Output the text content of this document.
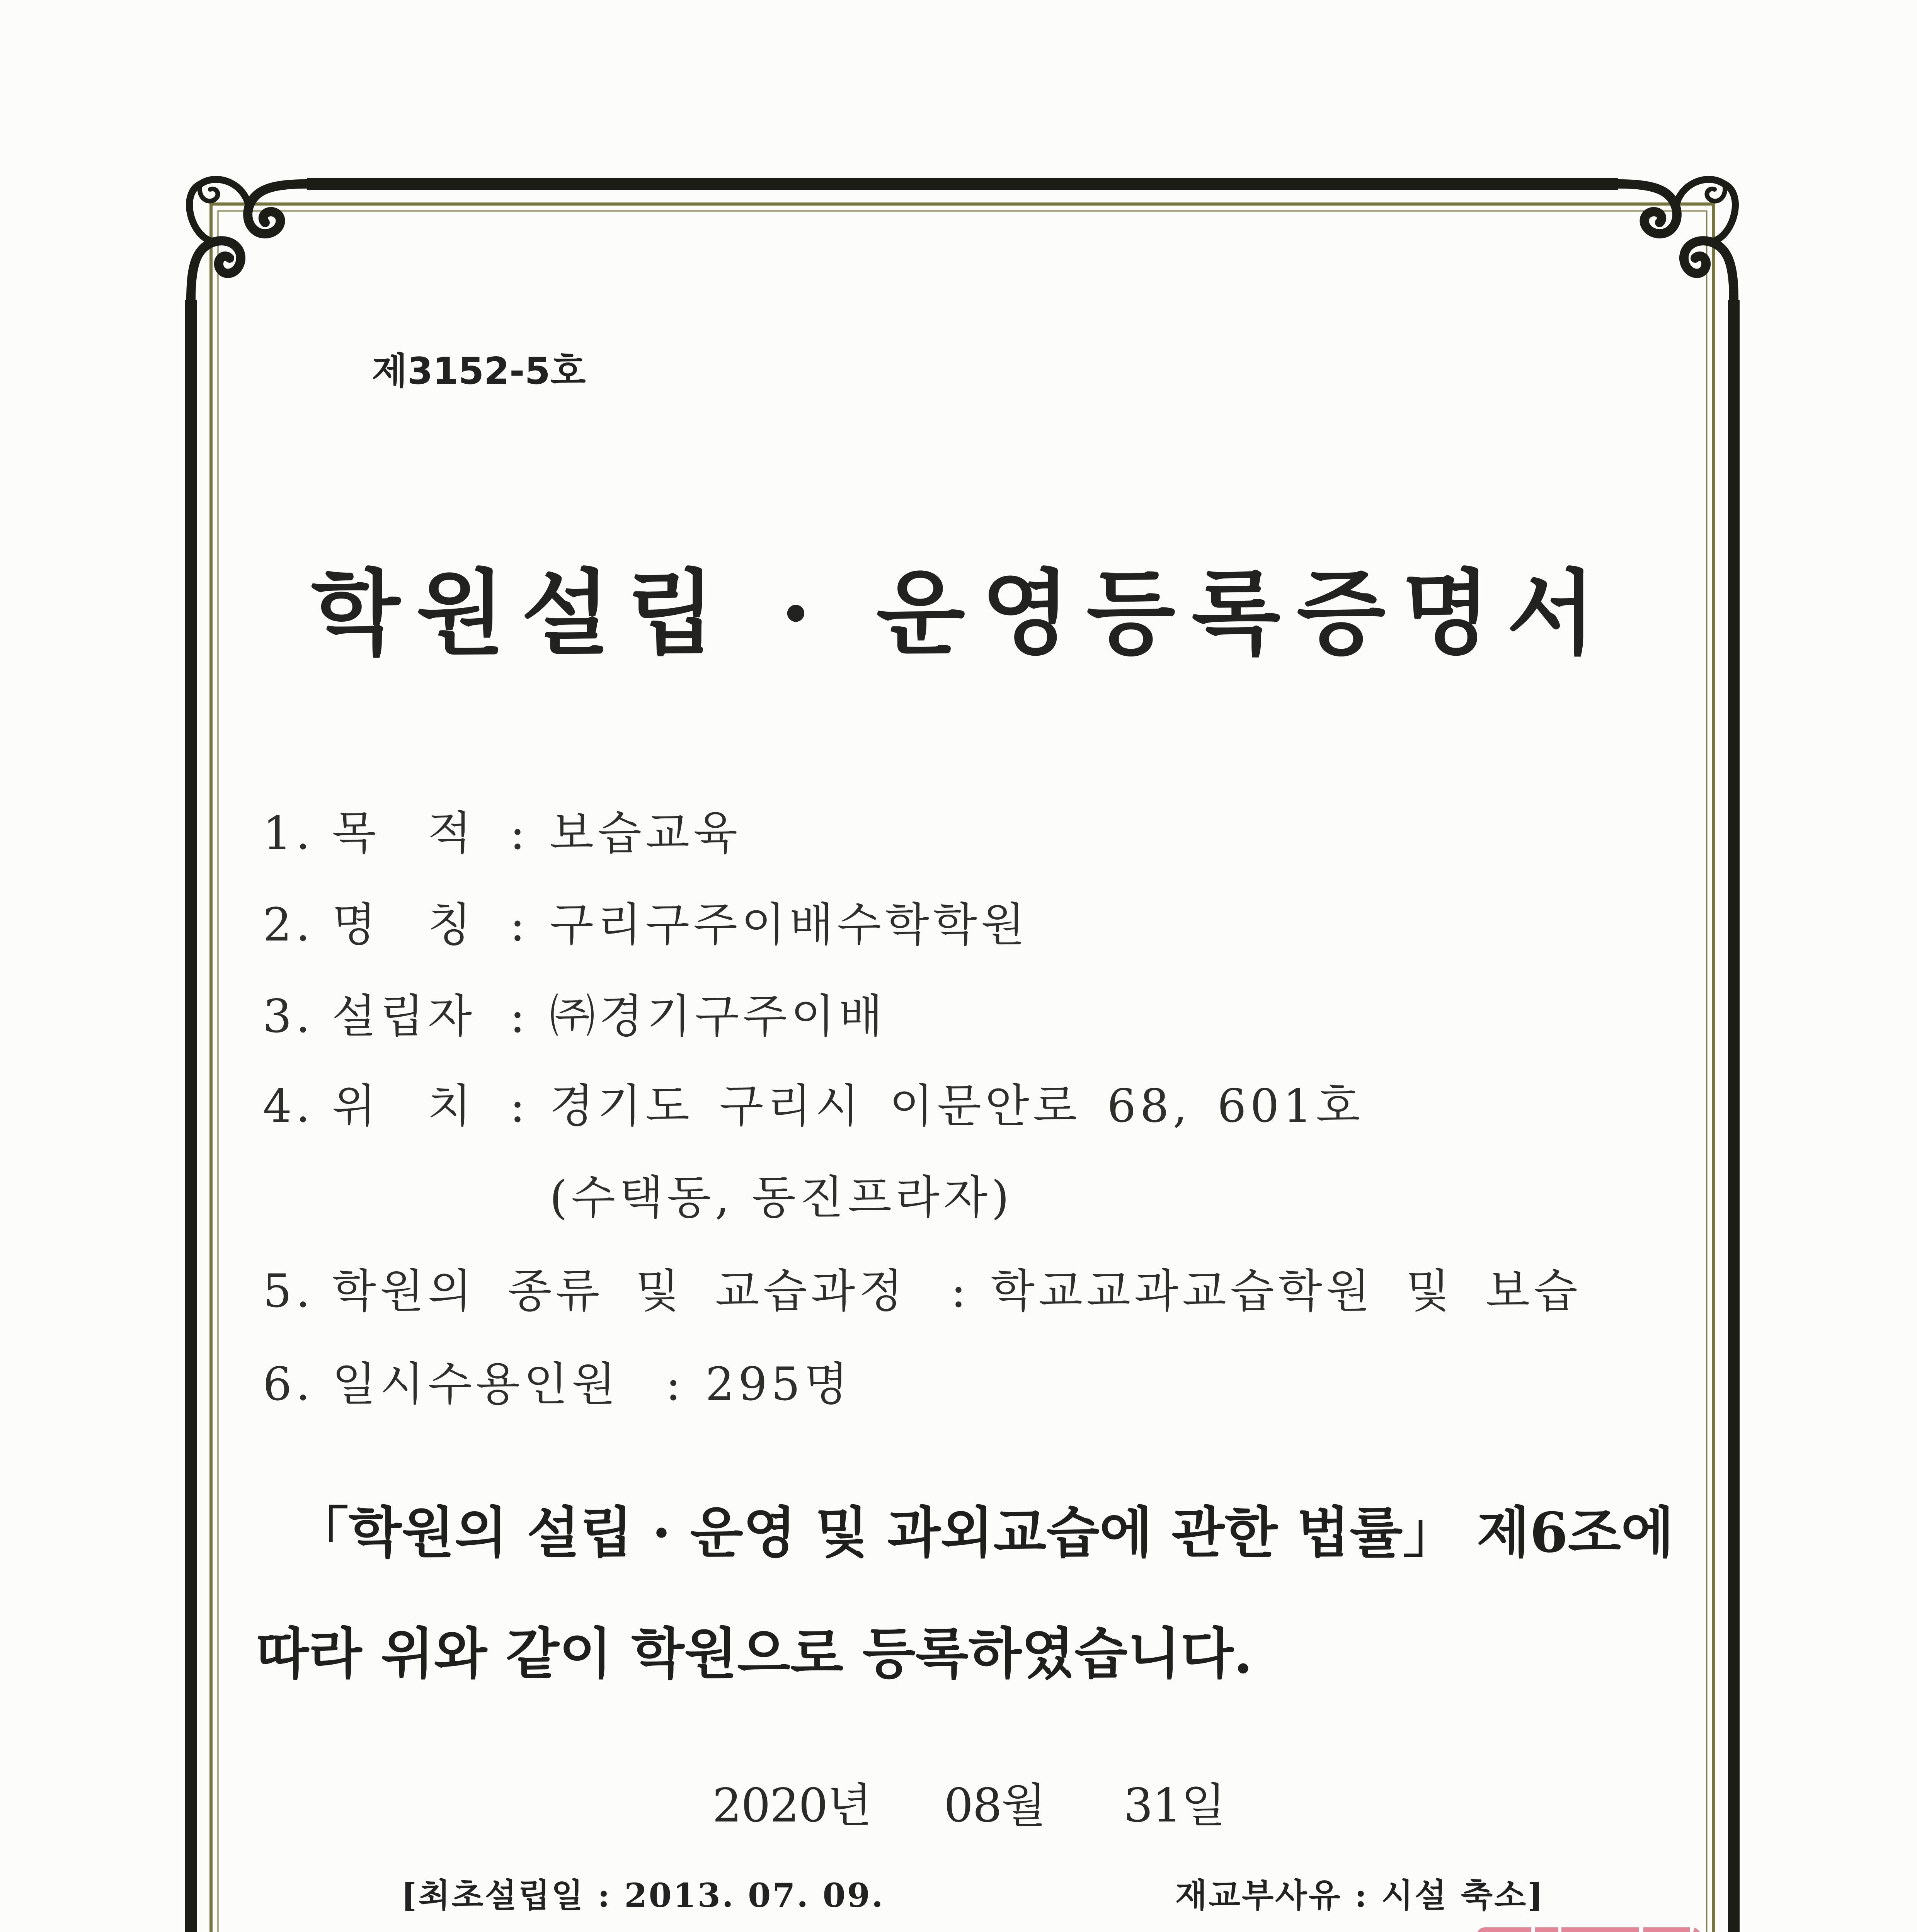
제3152-5호
학원설립 · 운영등록증명서
1. 목 적 : 보습교육
2. 명 칭 : 구리구주이배수학학원
3. 설립자 : ㈜경기구주이배
4. 위 치 : 경기도 구리시 이문안로 68, 601호
(수택동, 동진프라자)
5. 학원의 종류 및 교습과정 : 학교교과교습학원 및 보습
6. 일시수용인원 : 295명
「학원의 설립 · 운영 및 과외교습에 관한 법률」 제6조에
따라 위와 같이 학원으로 등록하였습니다.
2020년 08월 31일
[최초설립일 : 2013. 07. 09.	재교부사유 : 시설 축소]
